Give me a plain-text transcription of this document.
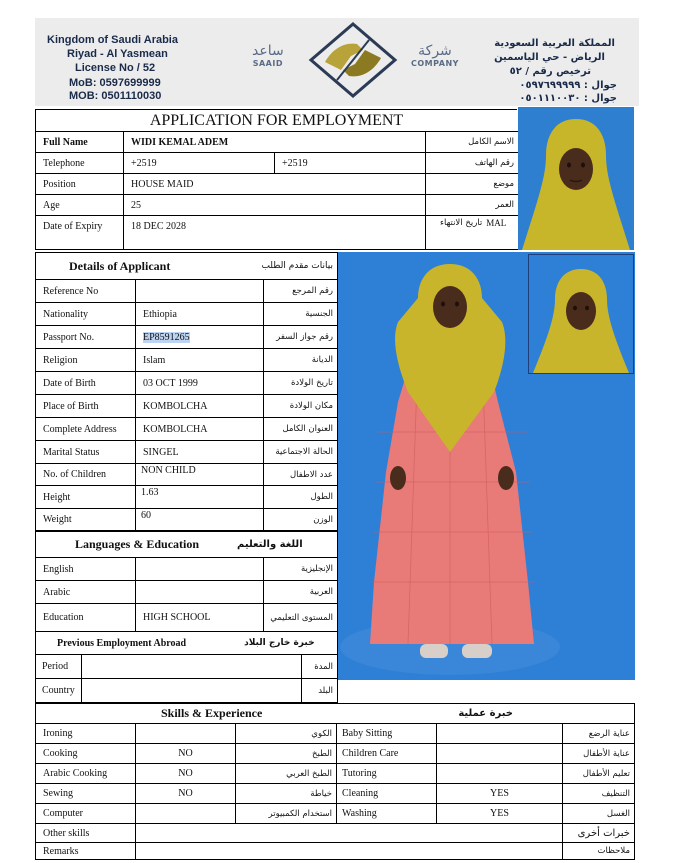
Kingdom of Saudi Arabia
Riyad - Al Yasmean
License No / 52
MoB: 0597699999
MOB: 0501110030
ساعد
SAAID
شركة
COMPANY
المملكة العربية السعودية
الرياض - حي الياسمين
ترخيص رقم / ٥٢
جوال : ٠٥٩٧٦٩٩٩٩٩
جوال : ٠٥٠١١١٠٠٣٠
APPLICATION FOR EMPLOYMENT
Full Name	WIDI KEMAL ADEM	الاسم الكامل
Telephone	+2519	+2519	رقم الهاتف
Position	HOUSE MAID	موضع
Age	25	العمر
Date of Expiry	18 DEC 2028	تاريخ الانتهاء MAL
Details of Applicant	بيانات مقدم الطلب
Reference No	رقم المرجع
Nationality	Ethiopia	الجنسية
Passport No.	EP8591265	رقم جواز السفر
Religion	Islam	الديانة
Date of Birth	03 OCT 1999	تاريخ الولادة
Place of Birth	KOMBOLCHA	مكان الولادة
Complete Address	KOMBOLCHA	العنوان الكامل
Marital Status	SINGEL	الحالة الاجتماعية
No. of Children	NON CHILD	عدد الاطفال
Height	1.63	الطول
Weight	60	الوزن
Languages & Education	اللغة والتعليم
English	الإنجليزية
Arabic	العربية
Education	HIGH SCHOOL	المستوى التعليمي
Previous Employment Abroad	خبرة خارج البلاد
Period	المدة
Country	البلد
Skills & Experience	خبرة عملية
Ironing	الكوي	Baby Sitting	عناية الرضع
Cooking	NO	الطبخ	Children Care	عناية الأطفال
Arabic Cooking	NO	الطبخ العربي	Tutoring	تعليم الأطفال
Sewing	NO	خياطة	Cleaning	YES	التنظيف
Computer	استخدام الكمبيوتر	Washing	YES	الغسل
Other skills	خبرات أخرى
Remarks	ملاحظات
